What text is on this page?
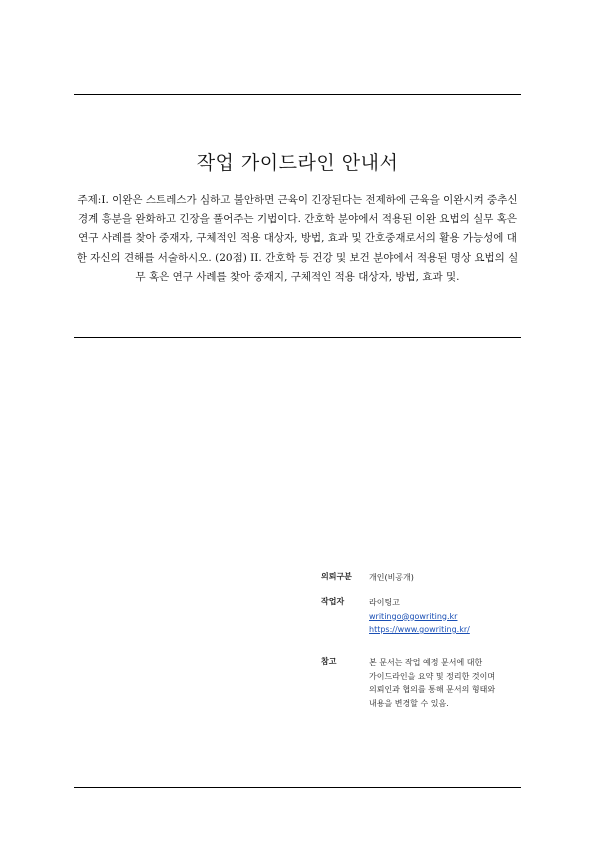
작업 가이드라인 안내서
주제:I. 이완은 스트레스가 심하고 불안하면 근육이 긴장된다는 전제하에 근육을 이완시켜 중추신경계 흥분을 완화하고 긴장을 풀어주는 기법이다. 간호학 분야에서 적용된 이완 요법의 실무 혹은 연구 사례를 찾아 중재자, 구체적인 적용 대상자, 방법, 효과 및 간호중재로서의 활용 가능성에 대한 자신의 견해를 서술하시오. (20점) II. 간호학 등 건강 및 보건 분야에서 적용된 명상 요법의 실무 혹은 연구 사례를 찾아 중재지, 구체적인 적용 대상자, 방법, 효과 및.
의뢰구분 개인(비공개)
작업자	라이팅고
writingo@gowriting.kr
https://www.gowriting.kr/
참고	본 문서는 작업 예정 문서에 대한
가이드라인을 요약 및 정리한 것이며
의뢰인과 협의를 통해 문서의 형태와
내용을 변경할 수 있음.
